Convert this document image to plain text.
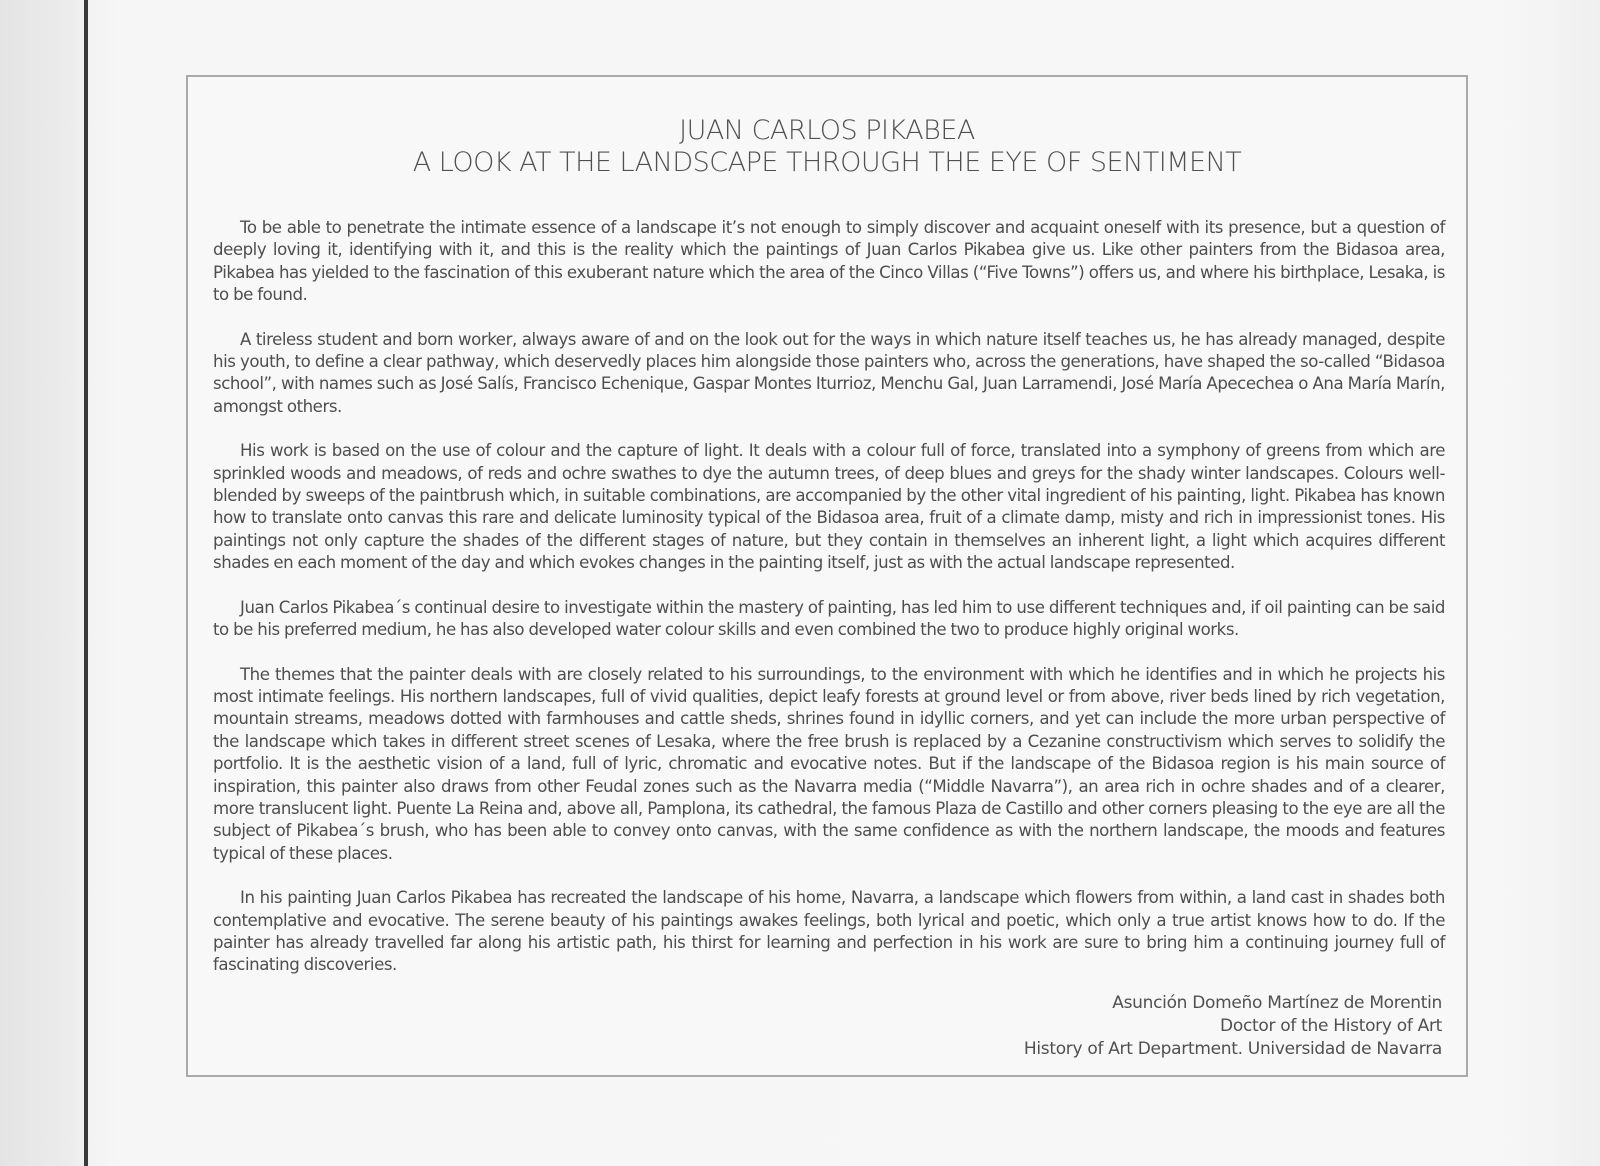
JUAN CARLOS PIKABEA
A LOOK AT THE LANDSCAPE THROUGH THE EYE OF SENTIMENT

To be able to penetrate the intimate essence of a landscape it’s not enough to simply discover and acquaint oneself with its presence, but a question of deeply loving it, identifying with it, and this is the reality which the paintings of Juan Carlos Pikabea give us. Like other painters from the Bidasoa area, Pikabea has yielded to the fascination of this exuberant nature which the area of the Cinco Villas (“Five Towns”) offers us, and where his birthplace, Lesaka, is to be found.

A tireless student and born worker, always aware of and on the look out for the ways in which nature itself teaches us, he has already managed, despite his youth, to define a clear pathway, which deservedly places him alongside those painters who, across the generations, have shaped the so-called “Bidasoa school”, with names such as José Salís, Francisco Echenique, Gaspar Montes Iturrioz, Menchu Gal, Juan Larramendi, José María Apecechea o Ana María Marín, amongst others.

His work is based on the use of colour and the capture of light. It deals with a colour full of force, translated into a symphony of greens from which are sprinkled woods and meadows, of reds and ochre swathes to dye the autumn trees, of deep blues and greys for the shady winter landscapes. Colours well-blended by sweeps of the paintbrush which, in suitable combinations, are accompanied by the other vital ingredient of his painting, light. Pikabea has known how to translate onto canvas this rare and delicate luminosity typical of the Bidasoa area, fruit of a climate damp, misty and rich in impressionist tones. His paintings not only capture the shades of the different stages of nature, but they contain in themselves an inherent light, a light which acquires different shades en each moment of the day and which evokes changes in the painting itself, just as with the actual landscape represented.

Juan Carlos Pikabea´s continual desire to investigate within the mastery of painting, has led him to use different techniques and, if oil painting can be said to be his preferred medium, he has also developed water colour skills and even combined the two to produce highly original works.

The themes that the painter deals with are closely related to his surroundings, to the environment with which he identifies and in which he projects his most intimate feelings. His northern landscapes, full of vivid qualities, depict leafy forests at ground level or from above, river beds lined by rich vegetation, mountain streams, meadows dotted with farmhouses and cattle sheds, shrines found in idyllic corners, and yet can include the more urban perspective of the landscape which takes in different street scenes of Lesaka, where the free brush is replaced by a Cezanine constructivism which serves to solidify the portfolio. It is the aesthetic vision of a land, full of lyric, chromatic and evocative notes. But if the landscape of the Bidasoa region is his main source of inspiration, this painter also draws from other Feudal zones such as the Navarra media (“Middle Navarra”), an area rich in ochre shades and of a clearer, more translucent light. Puente La Reina and, above all, Pamplona, its cathedral, the famous Plaza de Castillo and other corners pleasing to the eye are all the subject of Pikabea´s brush, who has been able to convey onto canvas, with the same confidence as with the northern landscape, the moods and features typical of these places.

In his painting Juan Carlos Pikabea has recreated the landscape of his home, Navarra, a landscape which flowers from within, a land cast in shades both contemplative and evocative. The serene beauty of his paintings awakes feelings, both lyrical and poetic, which only a true artist knows how to do. If the painter has already travelled far along his artistic path, his thirst for learning and perfection in his work are sure to bring him a continuing journey full of fascinating discoveries.

Asunción Domeño Martínez de Morentin
Doctor of the History of Art
History of Art Department. Universidad de Navarra
